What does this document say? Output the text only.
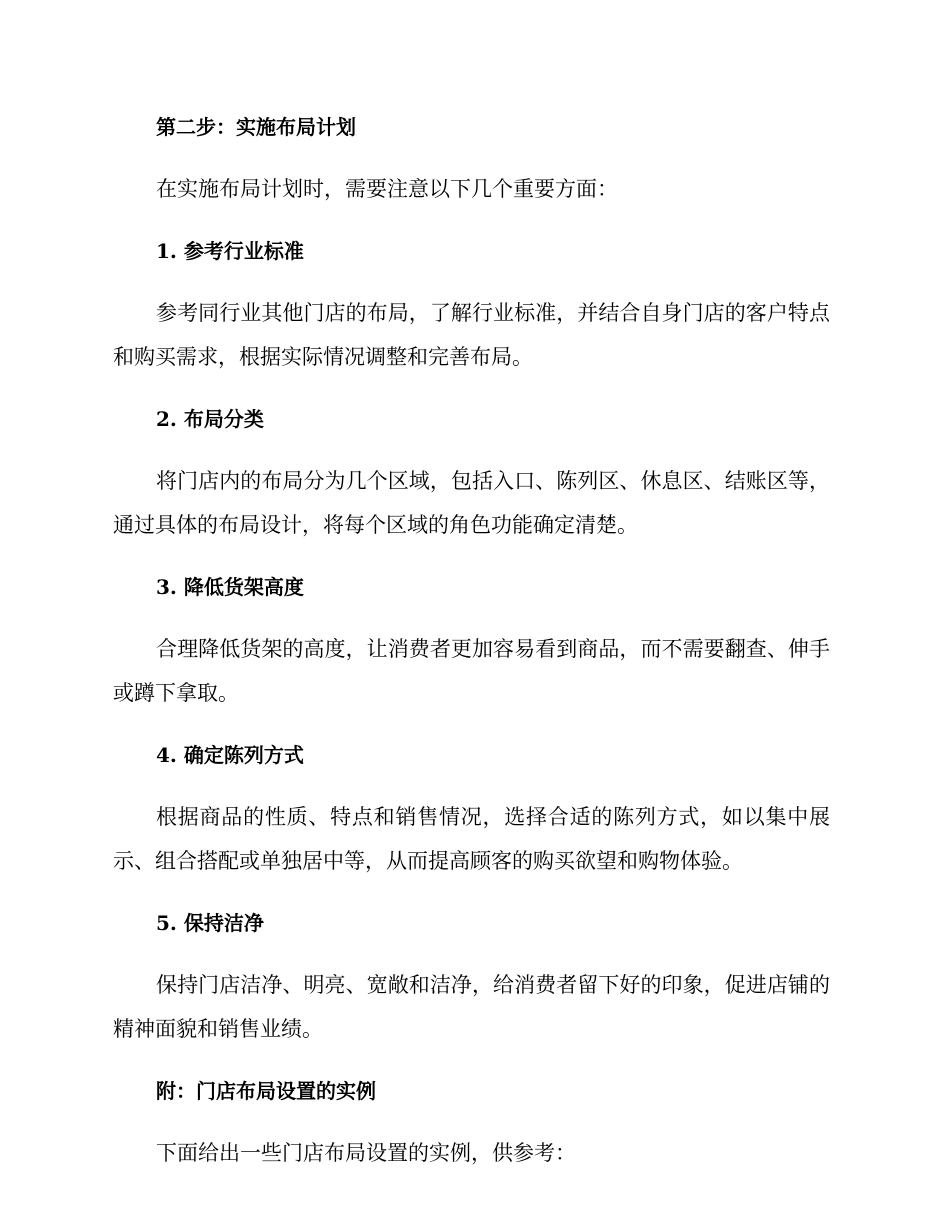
第二步：实施布局计划

在实施布局计划时，需要注意以下几个重要方面：

1. 参考行业标准

参考同行业其他门店的布局，了解行业标准，并结合自身门店的客户特点和购买需求，根据实际情况调整和完善布局。

2. 布局分类

将门店内的布局分为几个区域，包括入口、陈列区、休息区、结账区等，通过具体的布局设计，将每个区域的角色功能确定清楚。

3. 降低货架高度

合理降低货架的高度，让消费者更加容易看到商品，而不需要翻查、伸手或蹲下拿取。

4. 确定陈列方式

根据商品的性质、特点和销售情况，选择合适的陈列方式，如以集中展示、组合搭配或单独居中等，从而提高顾客的购买欲望和购物体验。

5. 保持洁净

保持门店洁净、明亮、宽敞和洁净，给消费者留下好的印象，促进店铺的精神面貌和销售业绩。

附：门店布局设置的实例

下面给出一些门店布局设置的实例，供参考：
